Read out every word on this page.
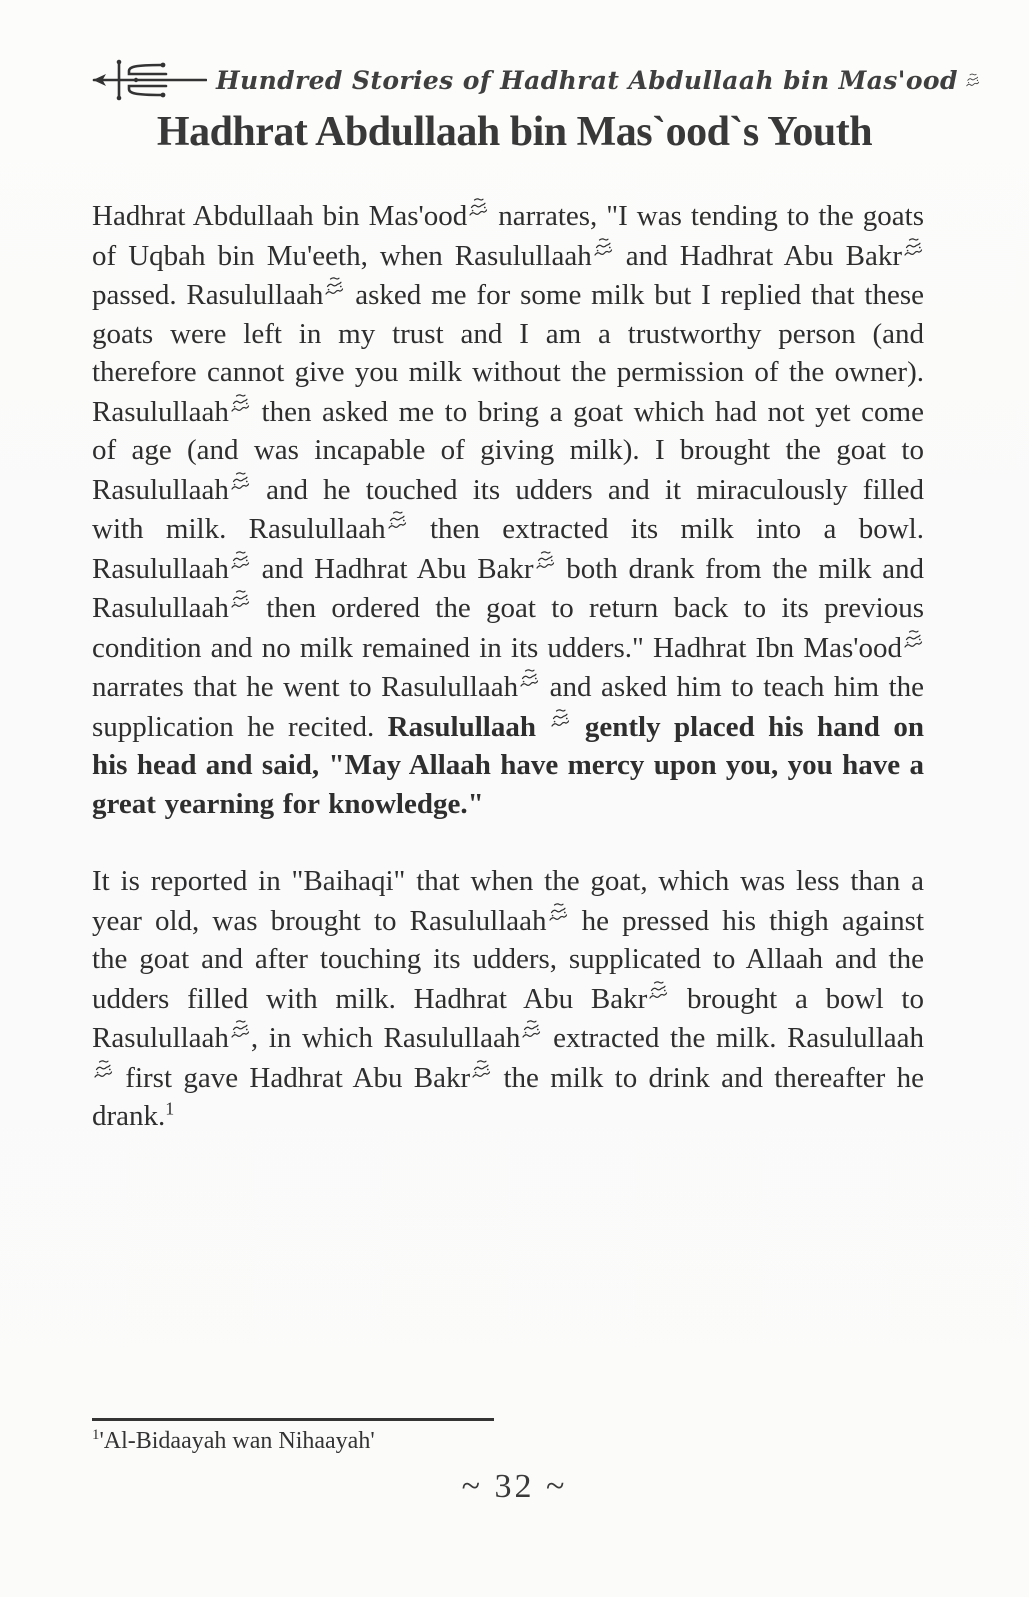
Hundred Stories of Hadhrat Abdullaah bin Mas'ood
Hadhrat Abdullaah bin Mas`ood`s Youth

Hadhrat Abdullaah bin Mas'ood narrates, "I was tending to the goats of Uqbah bin Mu'eeth, when Rasulullaah and Hadhrat Abu Bakr passed. Rasulullaah asked me for some milk but I replied that these goats were left in my trust and I am a trustworthy person (and therefore cannot give you milk without the permission of the owner). Rasulullaah then asked me to bring a goat which had not yet come of age (and was incapable of giving milk). I brought the goat to Rasulullaah and he touched its udders and it miraculously filled with milk. Rasulullaah then extracted its milk into a bowl. Rasulullaah and Hadhrat Abu Bakr both drank from the milk and Rasulullaah then ordered the goat to return back to its previous condition and no milk remained in its udders." Hadhrat Ibn Mas'ood narrates that he went to Rasulullaah and asked him to teach him the supplication he recited. Rasulullaah  gently placed his hand on his head and said, "May Allaah have mercy upon you, you have a great yearning for knowledge."

It is reported in "Baihaqi" that when the goat, which was less than a year old, was brought to Rasulullaah he pressed his thigh against the goat and after touching its udders, supplicated to Allaah and the udders filled with milk. Hadhrat Abu Bakr brought a bowl to Rasulullaah , in which Rasulullaah extracted the milk. Rasulullaah first gave Hadhrat Abu Bakr the milk to drink and thereafter he drank.$^1$

$^1$'Al-Bidaayah wan Nihaayah'
~ 32 ~
